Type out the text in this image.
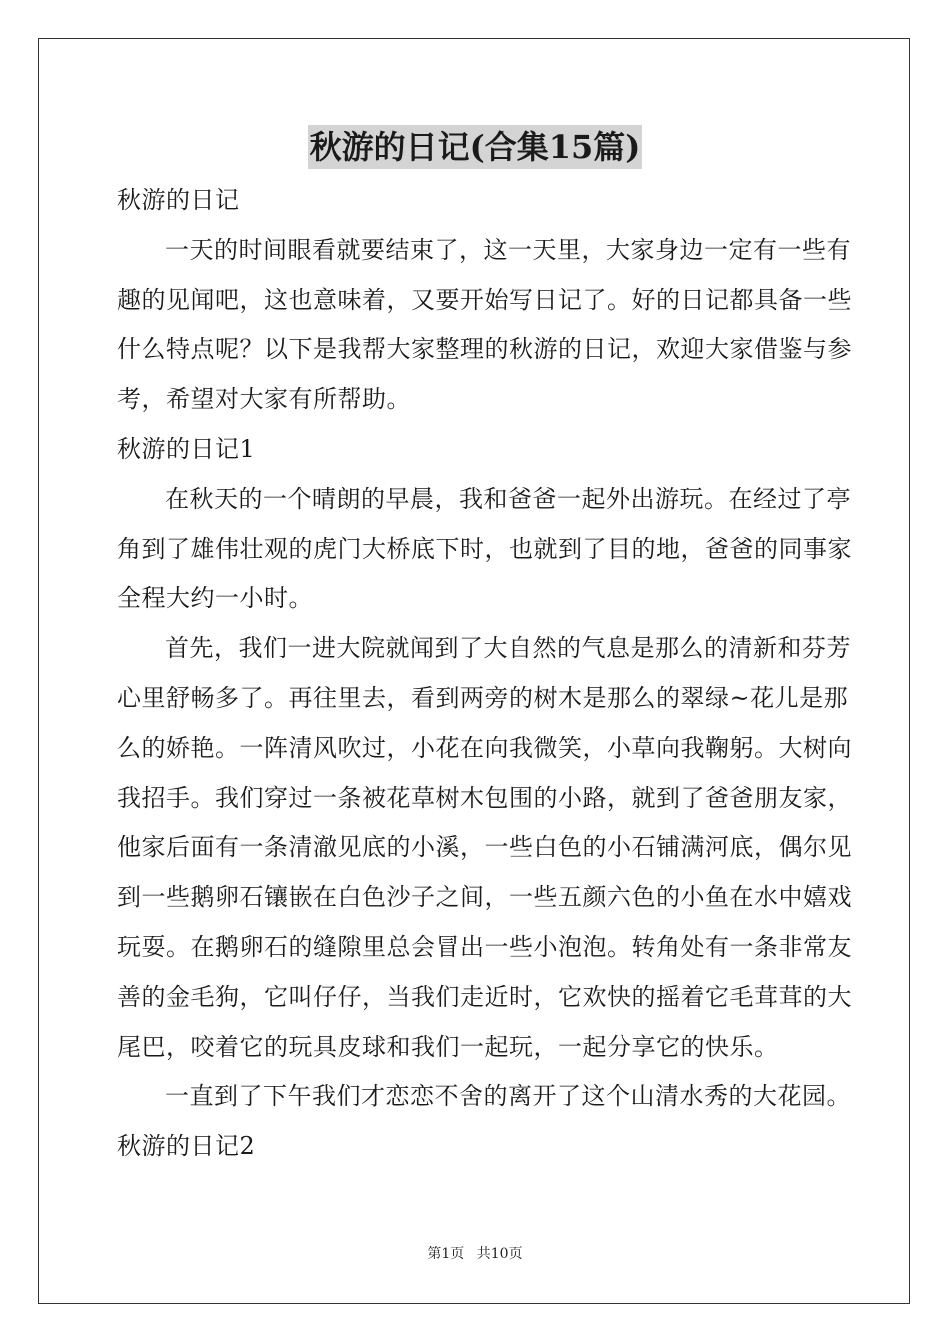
秋游的日记(合集15篇)
秋游的日记
一天的时间眼看就要结束了，这一天里，大家身边一定有一些有
趣的见闻吧，这也意味着，又要开始写日记了。好的日记都具备一些
什么特点呢？以下是我帮大家整理的秋游的日记，欢迎大家借鉴与参
考，希望对大家有所帮助。
秋游的日记1
在秋天的一个晴朗的早晨，我和爸爸一起外出游玩。在经过了亭
角到了雄伟壮观的虎门大桥底下时，也就到了目的地，爸爸的同事家
全程大约一小时。
首先，我们一进大院就闻到了大自然的气息是那么的清新和芬芳
心里舒畅多了。再往里去，看到两旁的树木是那么的翠绿~花儿是那
么的娇艳。一阵清风吹过，小花在向我微笑，小草向我鞠躬。大树向
我招手。我们穿过一条被花草树木包围的小路，就到了爸爸朋友家，
他家后面有一条清澈见底的小溪，一些白色的小石铺满河底，偶尔见
到一些鹅卵石镶嵌在白色沙子之间，一些五颜六色的小鱼在水中嬉戏
玩耍。在鹅卵石的缝隙里总会冒出一些小泡泡。转角处有一条非常友
善的金毛狗，它叫仔仔，当我们走近时，它欢快的摇着它毛茸茸的大
尾巴，咬着它的玩具皮球和我们一起玩，一起分享它的快乐。
一直到了下午我们才恋恋不舍的离开了这个山清水秀的大花园。
秋游的日记2
第1页 共10页
